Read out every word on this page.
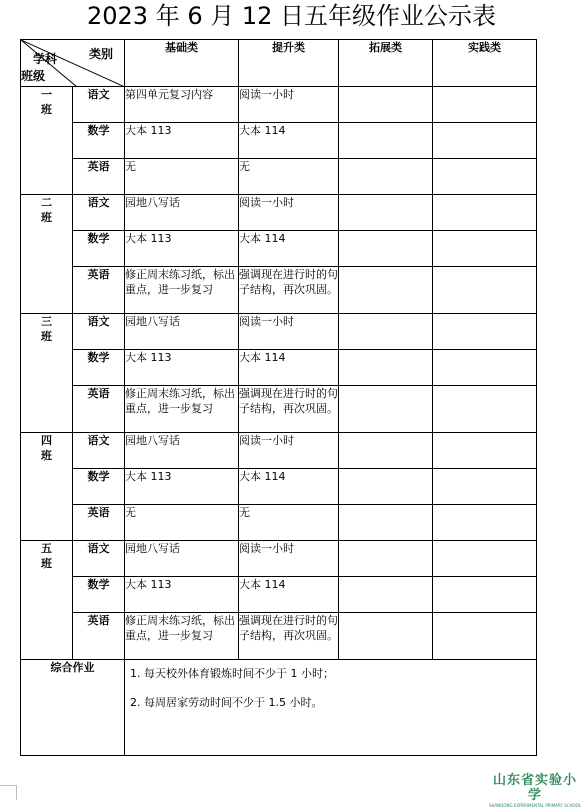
2023 年 6 月 12 日五年级作业公示表
类别
学科
班级		基础类	提升类	拓展类	实践类

一
班	语文	第四单元复习内容	阅读一小时		
	数学	大本 113	大本 114		
	英语	无	无		

二
班	语文	园地八写话	阅读一小时		
	数学	大本 113	大本 114		
	英语	修正周末练习纸，标出重点，进一步复习	强调现在进行时的句子结构，再次巩固。		

三
班	语文	园地八写话	阅读一小时		
	数学	大本 113	大本 114		
	英语	修正周末练习纸，标出重点，进一步复习	强调现在进行时的句子结构，再次巩固。		

四
班	语文	园地八写话	阅读一小时		
	数学	大本 113	大本 114		
	英语	无	无		

五
班	语文	园地八写话	阅读一小时		
	数学	大本 113	大本 114		
	英语	修正周末练习纸，标出重点，进一步复习	强调现在进行时的句子结构，再次巩固。		
综合作业		1. 每天校外体育锻炼时间不少于 1 小时；

2. 每周居家劳动时间不少于 1.5 小时。			

山东省实验小学
SHANDONG EXPERIMENTAL PRIMARY SCHOOL
